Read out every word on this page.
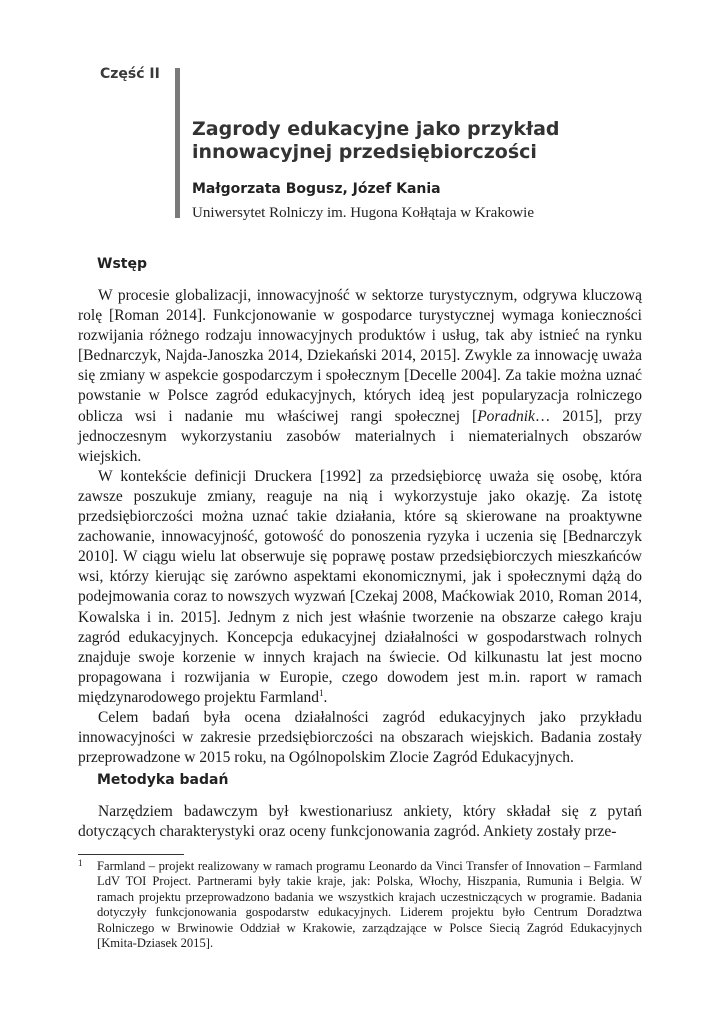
Część II
Zagrody edukacyjne jako przykład
innowacyjnej przedsiębiorczości
Małgorzata Bogusz, Józef Kania
Uniwersytet Rolniczy im. Hugona Kołłątaja w Krakowie
Wstęp

W procesie globalizacji, innowacyjność w sektorze turystycznym, odgrywa kluczową rolę [Roman 2014]. Funkcjonowanie w gospodarce turystycznej wymaga konieczności rozwijania różnego rodzaju innowacyjnych produktów i usług, tak aby istnieć na rynku [Bednarczyk, Najda-Janoszka 2014, Dziekański 2014, 2015]. Zwykle za innowację uważa się zmiany w aspekcie gospodarczym i społecznym [Decelle 2004]. Za takie można uznać powstanie w Polsce zagród edukacyjnych, których ideą jest popularyzacja rolniczego oblicza wsi i nadanie mu właściwej rangi społecznej [Poradnik… 2015], przy jednoczesnym wykorzystaniu zasobów materialnych i niematerialnych obszarów wiejskich.

W kontekście definicji Druckera [1992] za przedsiębiorcę uważa się osobę, która zawsze poszukuje zmiany, reaguje na nią i wykorzystuje jako okazję. Za istotę przedsiębiorczości można uznać takie działania, które są skierowane na proaktywne zachowanie, innowacyjność, gotowość do ponoszenia ryzyka i uczenia się [Bednarczyk 2010]. W ciągu wielu lat obserwuje się poprawę postaw przedsiębiorczych mieszkańców wsi, którzy kierując się zarówno aspektami ekonomicznymi, jak i społecznymi dążą do podejmowania coraz to nowszych wyzwań [Czekaj 2008, Maćkowiak 2010, Roman 2014, Kowalska i in. 2015]. Jednym z nich jest właśnie tworzenie na obszarze całego kraju zagród edukacyjnych. Koncepcja edukacyjnej działalności w gospodarstwach rolnych znajduje swoje korzenie w innych krajach na świecie. Od kilkunastu lat jest mocno propagowana i rozwijania w Europie, czego dowodem jest m.in. raport w ramach międzynarodowego projektu Farmland$^1$.

Celem badań była ocena działalności zagród edukacyjnych jako przykładu innowacyjności w zakresie przedsiębiorczości na obszarach wiejskich. Badania zostały przeprowadzone w 2015 roku, na Ogólnopolskim Zlocie Zagród Edukacyjnych.

Metodyka badań

Narzędziem badawczym był kwestionariusz ankiety, który składał się z pytań dotyczących charakterystyki oraz oceny funkcjonowania zagród. Ankiety zostały prze-

1 Farmland – projekt realizowany w ramach programu Leonardo da Vinci Transfer of Innovation – Farmland LdV TOI Project. Partnerami były takie kraje, jak: Polska, Włochy, Hiszpania, Rumunia i Belgia. W ramach projektu przeprowadzono badania we wszystkich krajach uczestniczących w programie. Badania dotyczyły funkcjonowania gospodarstw edukacyjnych. Liderem projektu było Centrum Doradztwa Rolniczego w Brwinowie Oddział w Krakowie, zarządzające w Polsce Siecią Zagród Edukacyjnych [Kmita-Dziasek 2015].
